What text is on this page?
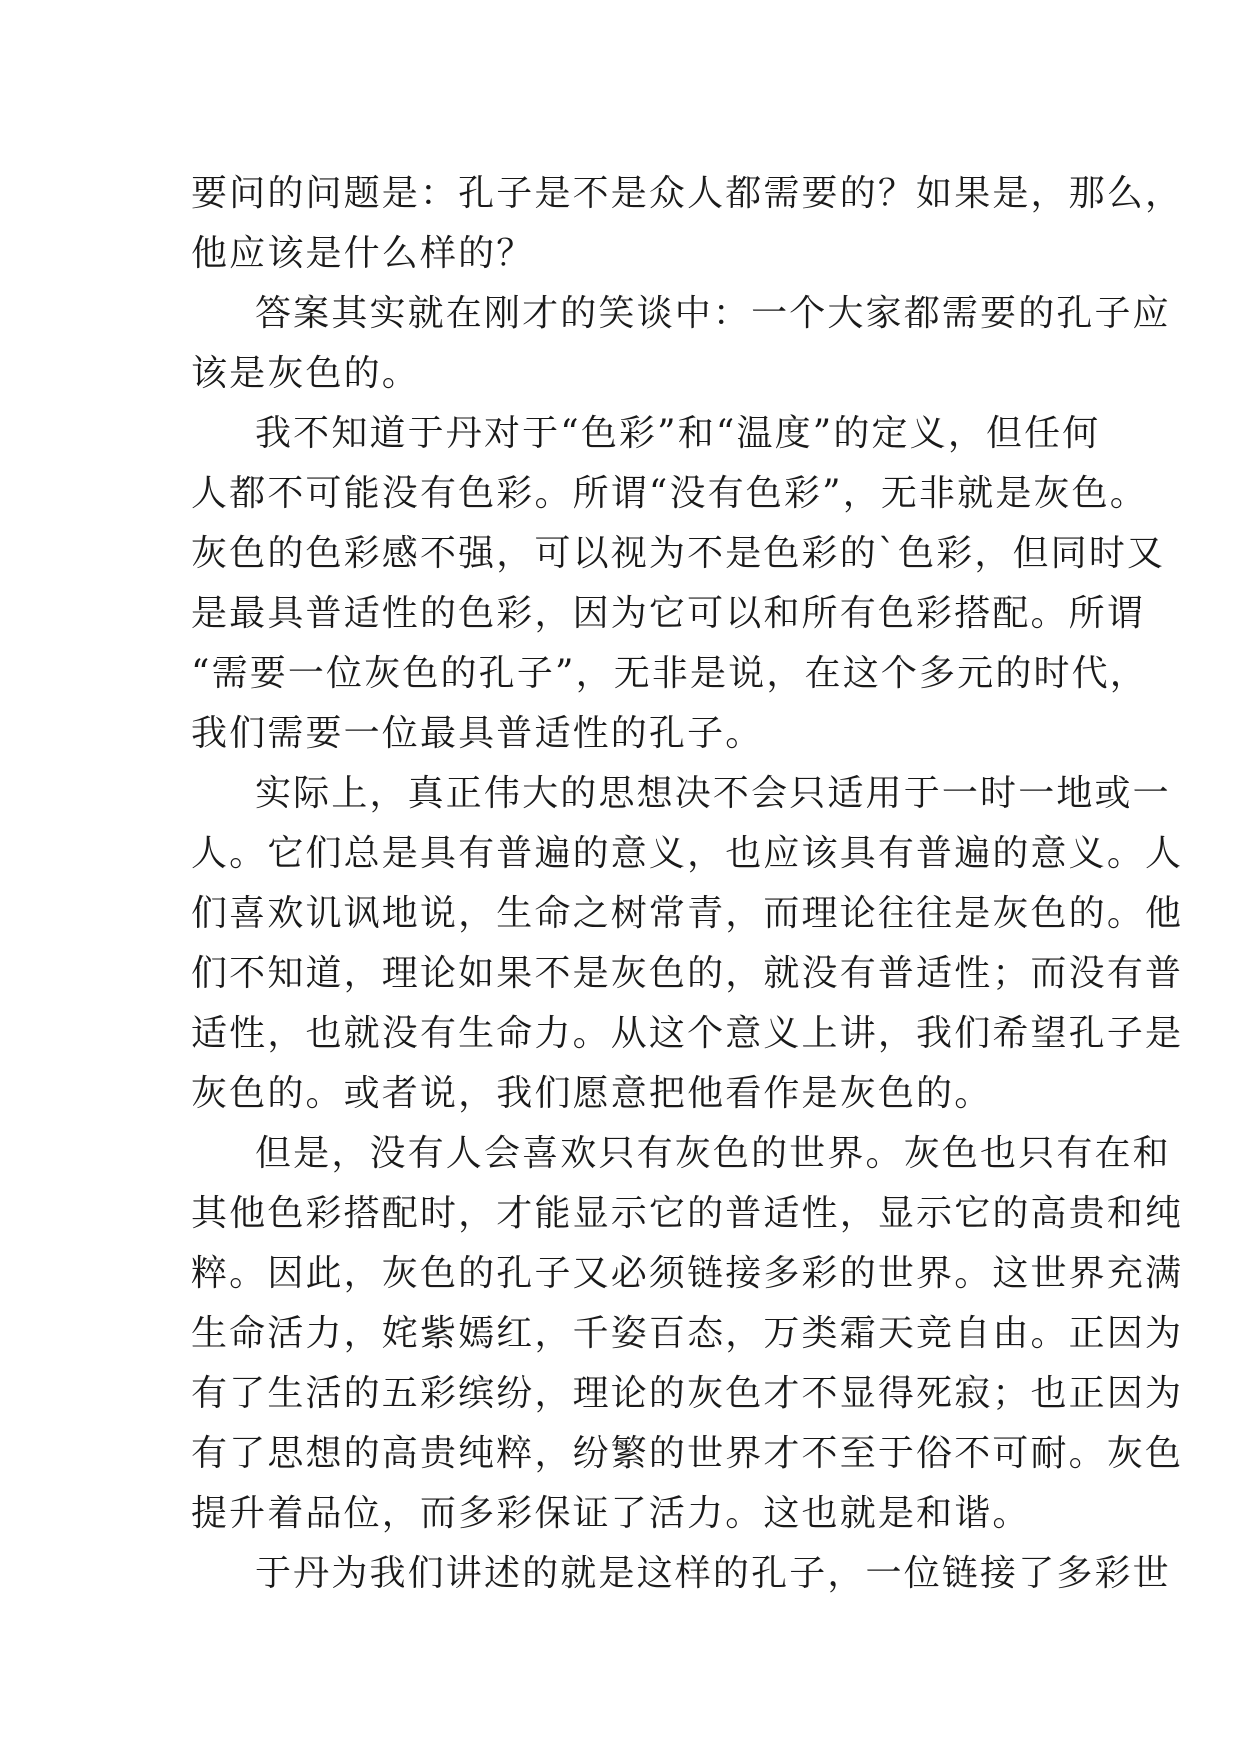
要问的问题是：孔子是不是众人都需要的？如果是，那么，
他应该是什么样的？
答案其实就在刚才的笑谈中：一个大家都需要的孔子应
该是灰色的。
我不知道于丹对于“色彩”和“温度”的定义，但任何
人都不可能没有色彩。所谓“没有色彩”，无非就是灰色。
灰色的色彩感不强，可以视为不是色彩的`色彩，但同时又
是最具普适性的色彩，因为它可以和所有色彩搭配。所谓
“需要一位灰色的孔子”，无非是说，在这个多元的时代，
我们需要一位最具普适性的孔子。
实际上，真正伟大的思想决不会只适用于一时一地或一
人。它们总是具有普遍的意义，也应该具有普遍的意义。人
们喜欢讥讽地说，生命之树常青，而理论往往是灰色的。他
们不知道，理论如果不是灰色的，就没有普适性；而没有普
适性，也就没有生命力。从这个意义上讲，我们希望孔子是
灰色的。或者说，我们愿意把他看作是灰色的。
但是，没有人会喜欢只有灰色的世界。灰色也只有在和
其他色彩搭配时，才能显示它的普适性，显示它的高贵和纯
粹。因此，灰色的孔子又必须链接多彩的世界。这世界充满
生命活力，姹紫嫣红，千姿百态，万类霜天竞自由。正因为
有了生活的五彩缤纷，理论的灰色才不显得死寂；也正因为
有了思想的高贵纯粹，纷繁的世界才不至于俗不可耐。灰色
提升着品位，而多彩保证了活力。这也就是和谐。
于丹为我们讲述的就是这样的孔子，一位链接了多彩世
